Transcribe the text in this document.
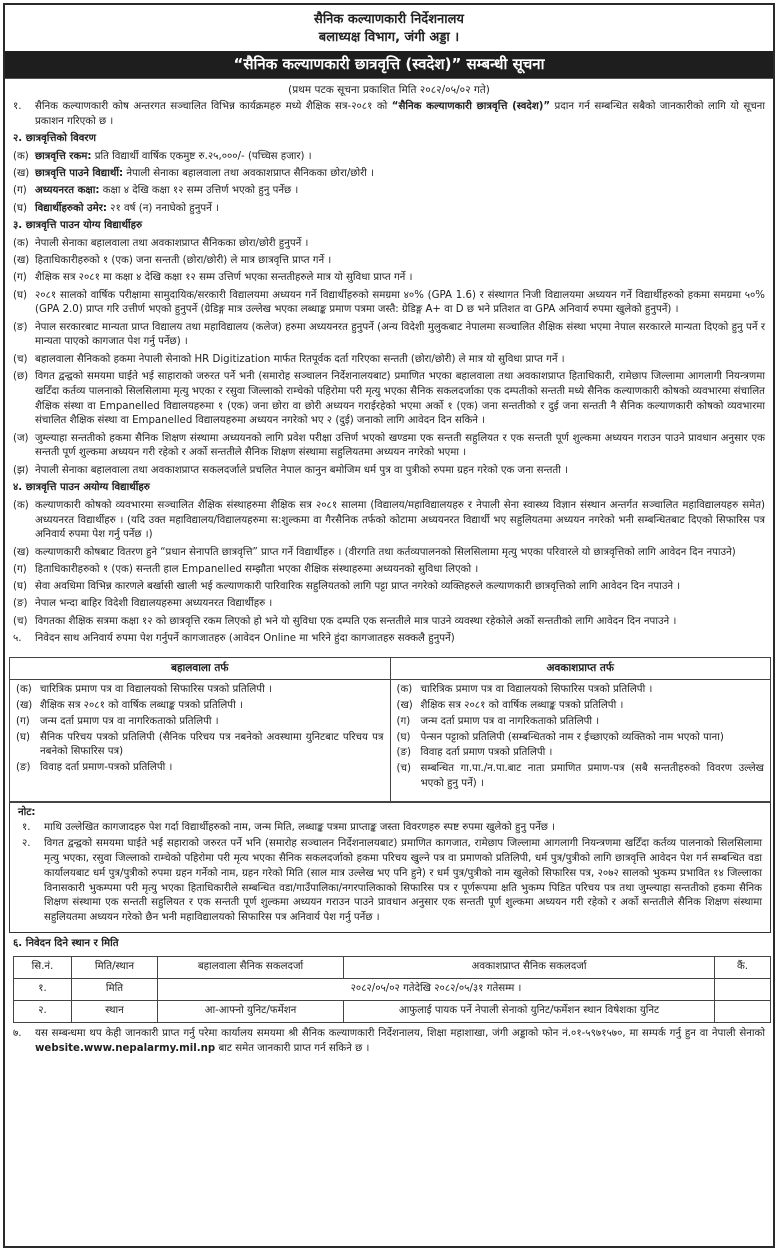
सैनिक कल्याणकारी निर्देशनालय
बलाध्यक्ष विभाग, जंगी अड्डा ।
“सैनिक कल्याणकारी छात्रवृत्ति (स्वदेश)” सम्बन्धी सूचना
(प्रथम पटक सूचना प्रकाशित मिति २०८२/०५/०२ गते)
१.	सैनिक कल्याणकारी कोष अन्तरगत सञ्चालित विभिन्न कार्यक्रमहरु मध्ये शैक्षिक सत्र-२०८१ को “सैनिक कल्याणकारी छात्रवृत्ति (स्वदेश)” प्रदान गर्न सम्बन्धित सबैको जानकारीको लागि यो सूचना प्रकाशन गरिएको छ ।
२. छात्रवृत्तिको विवरण
(क) छात्रवृत्ति रकम: प्रति विद्यार्थी वार्षिक एकमुष्ट रु.२५,०००/- (पच्चिस हजार) ।
(ख) छात्रवृत्ति पाउने विद्यार्थी: नेपाली सेनाका बहालवाला तथा अवकाशप्राप्त सैनिकका छोरा/छोरी ।
(ग) अध्ययनरत कक्षा: कक्षा ४ देखि कक्षा १२ सम्म उत्तिर्ण भएको हुनु पर्नेछ ।
(घ) विद्यार्थीहरुको उमेर: २१ वर्ष (न) ननाघेको हुनुपर्ने ।
३. छात्रवृत्ति पाउन योग्य विद्यार्थीहरु
(क) नेपाली सेनाका बहालवाला तथा अवकाशप्राप्त सैनिकका छोरा/छोरी हुनुपर्ने ।
(ख) हिताधिकारीहरुको १ (एक) जना सन्तती (छोरा/छोरी) ले मात्र छात्रवृत्ति प्राप्त गर्ने ।
(ग) शैक्षिक सत्र २०८१ मा कक्षा ४ देखि कक्षा १२ सम्म उत्तिर्ण भएका सन्ततीहरुले मात्र यो सुविधा प्राप्त गर्ने ।
(घ) २०८१ सालको वार्षिक परीक्षामा सामुदायिक/सरकारी विद्यालयमा अध्ययन गर्ने विद्यार्थीहरुको समग्रमा ४०% (GPA 1.6) र संस्थागत निजी विद्यालयमा अध्ययन गर्ने विद्यार्थीहरुको हकमा समग्रमा ५०% (GPA 2.0) प्राप्त गरि उत्तीर्ण भएको हुनुपर्ने (ग्रेडिङ्ग मात्र उल्लेख भएका लब्धाङ्क प्रमाण पत्रमा जस्तै: ग्रेडिङ्ग A+ वा D छ भने प्रतिशत वा GPA अनिवार्य रुपमा खुलेको हुनुपर्ने) ।
(ङ) नेपाल सरकारबाट मान्यता प्राप्त विद्यालय तथा महाविद्यालय (कलेज) हरुमा अध्ययनरत हुनुपर्ने (अन्य विदेशी मुलुकबाट नेपालमा सञ्चालित शैक्षिक संस्था भएमा नेपाल सरकारले मान्यता दिएको हुनु पर्ने र मान्यता पाएको कागजात पेश गर्नु पर्नेछ) ।
(च) बहालवाला सैनिकको हकमा नेपाली सेनाको HR Digitization मार्फत रितपूर्वक दर्ता गरिएका सन्तती (छोरा/छोरी) ले मात्र यो सुविधा प्राप्त गर्ने ।
(छ) विगत द्वन्द्वको समयमा घाईते भई साहाराको जरुरत पर्ने भनी (समारोह सञ्चालन निर्देशनालयबाट) प्रमाणित भएका बहालवाला तथा अवकाशप्राप्त हिताधिकारी, रामेछाप जिल्लामा आगलागी नियन्त्रणमा खटिँदा कर्तव्य पालनाको सिलसिलामा मृत्यु भएका र रसुवा जिल्लाको राम्चेको पहिरोमा परी मृत्यु भएका सैनिक सकलदर्जाका एक दम्पतीको सन्तती मध्ये सैनिक कल्याणकारी कोषको व्यवभारमा संचालित शैक्षिक संस्था वा Empanelled विद्यालयहरुमा १ (एक) जना छोरा वा छोरी अध्ययन गराईरहेको भएमा अर्को १ (एक) जना सन्ततीको र दुई जना सन्तती नै सैनिक कल्याणकारी कोषको व्यवभारमा संचालित शैक्षिक संस्था वा Empanelled विद्यालयहरुमा अध्ययन नगरेको भए २ (दुई) जनाको लागि आवेदन दिन सकिने ।
(ज) जुम्ल्याहा सन्ततीको हकमा सैनिक शिक्षण संस्थामा अध्ययनको लागि प्रवेश परीक्षा उत्तिर्ण भएको खण्डमा एक सन्तती सहुलियत र एक सन्तती पूर्ण शुल्कमा अध्ययन गराउन पाउने प्रावधान अनुसार एक सन्तती पूर्ण शुल्कमा अध्ययन गरी रहेको र अर्को सन्ततीले सैनिक शिक्षण संस्थामा सहुलियतमा अध्ययन नगरेको भएमा ।
(झ) नेपाली सेनाका बहालवाला तथा अवकाशप्राप्त सकलदर्जाले प्रचलित नेपाल कानुन बमोजिम धर्म पुत्र वा पुत्रीको रुपमा ग्रहन गरेको एक जना सन्तती ।
४. छात्रवृत्ति पाउन अयोग्य विद्यार्थीहरु
(क) कल्याणकारी कोषको व्यवभारमा सञ्चालित शैक्षिक संस्थाहरुमा शैक्षिक सत्र २०८१ सालमा (विद्यालय/महाविद्यालयहरु र नेपाली सेना स्वास्थ्य विज्ञान संस्थान अन्तर्गत सञ्चालित महाविद्यालयहरु समेत) अध्ययनरत विद्यार्थीहरु । (यदि उक्त महाविद्यालय/विद्यालयहरुमा स:शुल्कमा वा गैरसैनिक तर्फको कोटामा अध्ययनरत विद्यार्थी भए सहुलियतमा अध्ययन नगरेको भनी सम्बन्धितबाट दिएको सिफारिस पत्र अनिवार्य रुपमा पेश गर्नु पर्नेछ ।)
(ख) कल्याणकारी कोषबाट वितरण हुने “प्रधान सेनापति छात्रवृत्ति” प्राप्त गर्ने विद्यार्थीहरु । (वीरगति तथा कर्तव्यपालनको सिलसिलामा मृत्यु भएका परिवारले यो छात्रवृत्तिको लागि आवेदन दिन नपाउने)
(ग) हिताधिकारीहरुको १ (एक) सन्तती हाल Empanelled सम्झौता भएका शैक्षिक संस्थाहरुमा अध्ययनको सुविधा लिएको ।
(घ) सेवा अवधिमा विभिन्न कारणले बर्खासी खाली भई कल्याणकारी पारिवारिक सहुलियतको लागि पट्टा प्राप्त नगरेको व्यक्तिहरुले कल्याणकारी छात्रवृत्तिको लागि आवेदन दिन नपाउने ।
(ङ) नेपाल भन्दा बाहिर विदेशी विद्यालयहरुमा अध्ययनरत विद्यार्थीहरु ।
(च) विगतका शैक्षिक सत्रमा कक्षा १२ को छात्रवृत्ति रकम लिएको हो भने यो सुविधा एक दम्पति एक सन्ततीले मात्र पाउने व्यवस्था रहेकोले अर्को सन्ततीको लागि आवेदन दिन नपाउने ।
५.	निवेदन साथ अनिवार्य रुपमा पेश गर्नुपर्ने कागजातहरु (आवेदन Online मा भरिने हुंदा कागजातहरु सक्कलै हुनुपर्ने)
बहालवाला तर्फ	अवकाशप्राप्त तर्फ

(क) चारित्रिक प्रमाण पत्र वा विद्यालयको सिफारिस पत्रको प्रतिलिपी ।
(ख) शैक्षिक सत्र २०८१ को वार्षिक लब्धाङ्क पत्रको प्रतिलिपी ।
(ग)	जन्म दर्ता प्रमाण पत्र वा नागरिकताको प्रतिलिपी ।
(घ) सैनिक परिचय पत्रको प्रतिलिपी (सैनिक परिचय पत्र नबनेको अवस्थामा युनिटबाट परिचय पत्र नबनेको सिफारिस पत्र)
(ङ) विवाह दर्ता प्रमाण-पत्रको प्रतिलिपी ।

(क) चारित्रिक प्रमाण पत्र वा विद्यालयको सिफारिस पत्रको प्रतिलिपी ।
(ख) शैक्षिक सत्र २०८१ को वार्षिक लब्धाङ्क पत्रको प्रतिलिपी ।
(ग)	जन्म दर्ता प्रमाण पत्र वा नागरिकताको प्रतिलिपी ।
(घ) पेन्सन पट्टाको प्रतिलिपी (सम्बन्धितको नाम र ईच्छाएको व्यक्तिको नाम भएको पाना)
(ङ) विवाह दर्ता प्रमाण पत्रको प्रतिलिपी ।
(च) सम्बन्धित गा.पा./न.पा.बाट नाता प्रमाणित प्रमाण-पत्र (सबै सन्ततीहरुको विवरण उल्लेख भएको हुनु पर्ने) ।
नोट:
१.	माथि उल्लेखित कागजादहरु पेश गर्दा विद्यार्थीहरुको नाम, जन्म मिति, लब्धाङ्क पत्रमा प्राप्ताङ्क जस्ता विवरणहरु स्पष्ट रुपमा खुलेको हुनु पर्नेछ ।
२.	विगत द्वन्द्वको समयमा घाईते भई सहाराको जरुरत पर्ने भनि (समारोह सञ्चालन निर्देशनालयबाट) प्रमाणित कागजात, रामेछाप जिल्लामा आगलागी नियन्त्रणमा खटिँदा कर्तव्य पालनाको सिलसिलामा मृत्यु भएका, रसुवा जिल्लाको राम्चेको पहिरोमा परी मृत्य भएका सैनिक सकलदर्जाको हकमा परिचय खुल्ने पत्र वा प्रमाणको प्रतिलिपी, धर्म पुत्र/पुत्रीको लागि छात्रवृत्ति आवेदन पेश गर्न सम्बन्धित वडा कार्यालयबाट धर्म पुत्र/पुत्रीको रुपमा ग्रहन गर्नेको नाम, ग्रहन गरेको मिति (साल मात्र उल्लेख भए पनि हुने) र धर्म पुत्र/पुत्रीको नाम खुलेको सिफारिस पत्र, २०७२ सालको भुकम्प प्रभावित १४ जिल्लाका विनासकारी भुकम्पमा परी मृत्यु भएका हिताधिकारीले सम्बन्धित वडा/गाउँपालिका/नगरपालिकाको सिफारिस पत्र र पूर्णरूपमा क्षति भुकम्प पिडित परिचय पत्र तथा जुम्ल्याहा सन्ततीको हकमा सैनिक शिक्षण संस्थामा एक सन्तती सहुलियत र एक सन्तती पूर्ण शुल्कमा अध्ययन गराउन पाउने प्रावधान अनुसार एक सन्तती पूर्ण शुल्कमा अध्ययन गरी रहेको र अर्को सन्ततीले सैनिक शिक्षण संस्थामा सहुलियतमा अध्ययन गरेको छैन भनी महाविद्यालयको सिफारिस पत्र अनिवार्य पेश गर्नु पर्नेछ ।
६. निवेदन दिने स्थान र मिति
सि.नं.	मिति/स्थान	बहालवाला सैनिक सकलदर्जा	अवकाशप्राप्त सैनिक सकलदर्जा	कैं.
१.	मिति	२०८२/०५/०२ गतेदेखि २०८२/०५/३१ गतेसम्म ।		
२.	स्थान	आ-आफ्नो युनिट/फर्मेशन	आफुलाई पायक पर्ने नेपाली सेनाको युनिट/फर्मेशन स्थान विषेशका युनिट	
७.	यस सम्बन्धमा थप केही जानकारी प्राप्त गर्नु परेमा कार्यालय समयमा श्री सैनिक कल्याणकारी निर्देशनालय, शिक्षा महाशाखा, जंगी अड्डाको फोन नं.०१-५९७१५७०, मा सम्पर्क गर्नु हुन वा नेपाली सेनाको website.www.nepalarmy.mil.np बाट समेत जानकारी प्राप्त गर्न सकिने छ ।
